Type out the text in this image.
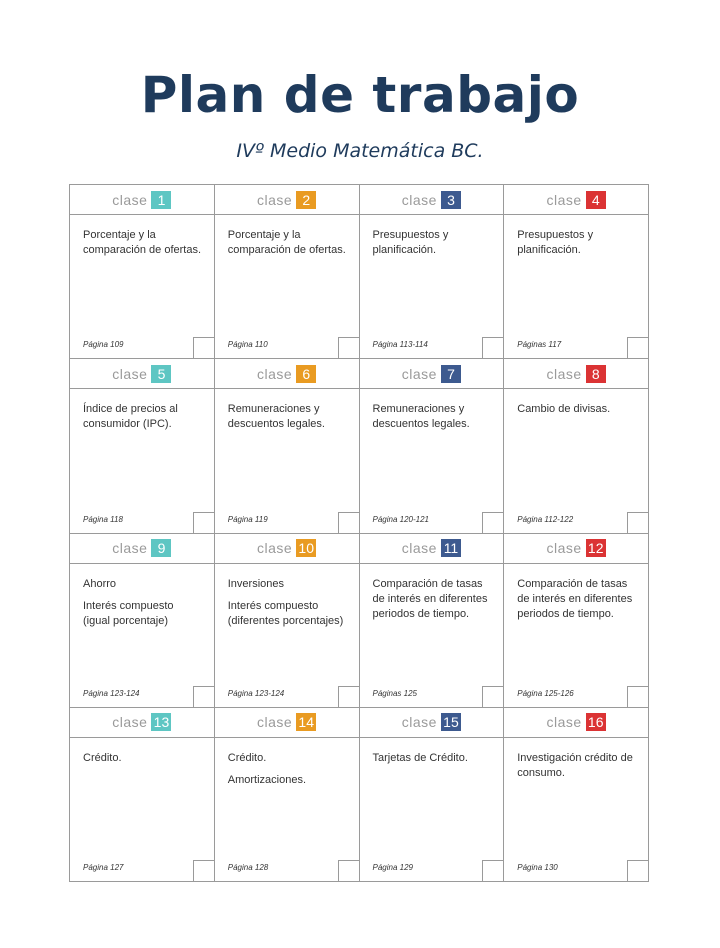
Plan de trabajo
IVº Medio Matemática BC.
clase 1

Porcentaje y la comparación de ofertas.

Página 109
clase 2

Porcentaje y la comparación de ofertas.

Página 110
clase 3

Presupuestos y planificación.

Página 113-114
clase 4

Presupuestos y planificación.

Páginas 117
clase 5

Índice de precios al consumidor (IPC).

Página 118
clase 6

Remuneraciones y descuentos legales.

Página 119
clase 7

Remuneraciones y descuentos legales.

Página 120-121
clase 8

Cambio de divisas.

Página 112-122
clase 9

Ahorro

Interés compuesto (igual porcentaje)

Página 123-124
clase 10

Inversiones

Interés compuesto (diferentes porcentajes)

Página 123-124
clase 11

Comparación de tasas de interés en diferentes periodos de tiempo.

Páginas 125
clase 12

Comparación de tasas de interés en diferentes periodos de tiempo.

Página 125-126
clase 13

Crédito.

Página 127
clase 14

Crédito.

Amortizaciones.

Página 128
clase 15

Tarjetas de Crédito.

Página 129
clase 16

Investigación crédito de consumo.

Página 130
